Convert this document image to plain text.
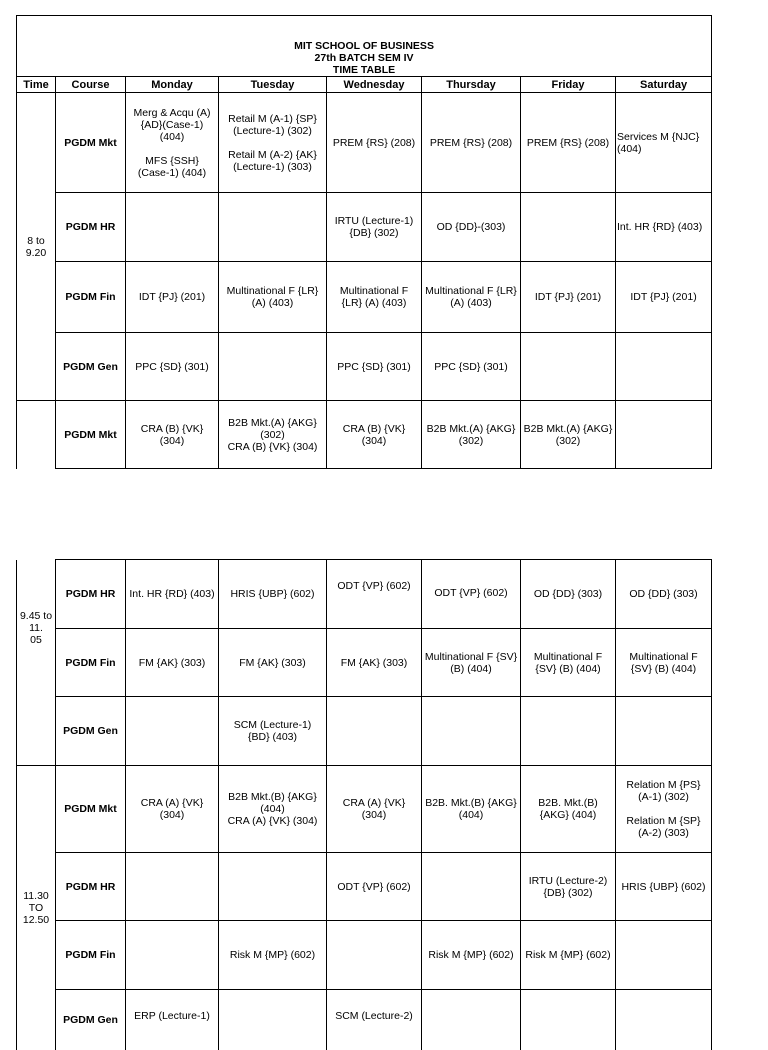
MIT SCHOOL OF BUSINESS
27th BATCH SEM IV
TIME TABLE							

Time	Course	Monday	Tuesday	Wednesday	Thursday	Friday	Saturday

8 to
9.20	PGDM Mkt	Merg & Acqu (A)
{AD}(Case-1)
(404)
MFS {SSH}
(Case-1) (404)	Retail M (A-1) {SP}
(Lecture-1) (302)
Retail M (A-2) {AK}
(Lecture-1) (303)	PREM {RS} (208)	PREM {RS} (208)	PREM {RS} (208)	Services M {NJC}
(404)

	PGDM HR			IRTU (Lecture-1)
{DB} (302)	OD {DD}-(303)		Int. HR {RD} (403)

	PGDM Fin	IDT {PJ} (201)	Multinational F {LR}
(A) (403)	Multinational F
{LR} (A) (403)	Multinational F {LR}
(A) (403)	IDT {PJ} (201)	IDT {PJ} (201)

	PGDM Gen	PPC {SD} (301)		PPC {SD} (301)	PPC {SD} (301)		

	PGDM Mkt	CRA (B) {VK}
(304)	B2B Mkt.(A) {AKG}
(302)
CRA (B) {VK} (304)	CRA (B) {VK}
(304)	B2B Mkt.(A) {AKG}
(302)	B2B Mkt.(A) {AKG}
(302)	

9.45 to
11.
05	PGDM HR	Int. HR {RD} (403)	HRIS {UBP} (602)	ODT {VP} (602)	ODT {VP} (602)	OD {DD} (303)	OD {DD} (303)

	PGDM Fin	FM {AK} (303)	FM {AK} (303)	FM {AK} (303)	Multinational F {SV}
(B) (404)	Multinational F
{SV} (B) (404)	Multinational F
{SV} (B) (404)

	PGDM Gen		SCM (Lecture-1)
{BD} (403)				

11.30
TO
12.50	PGDM Mkt	CRA (A) {VK}
(304)	B2B Mkt.(B) {AKG}
(404)
CRA (A) {VK} (304)	CRA (A) {VK}
(304)	B2B. Mkt.(B) {AKG}
(404)	B2B. Mkt.(B)
{AKG} (404)	Relation M {PS}
(A-1) (302)
Relation M {SP}
(A-2) (303)

	PGDM HR			ODT {VP} (602)		IRTU (Lecture-2)
{DB} (302)	HRIS {UBP} (602)

	PGDM Fin		Risk M {MP} (602)		Risk M {MP} (602)	Risk M {MP} (602)	

	PGDM Gen	ERP (Lecture-1)		SCM (Lecture-2)			
